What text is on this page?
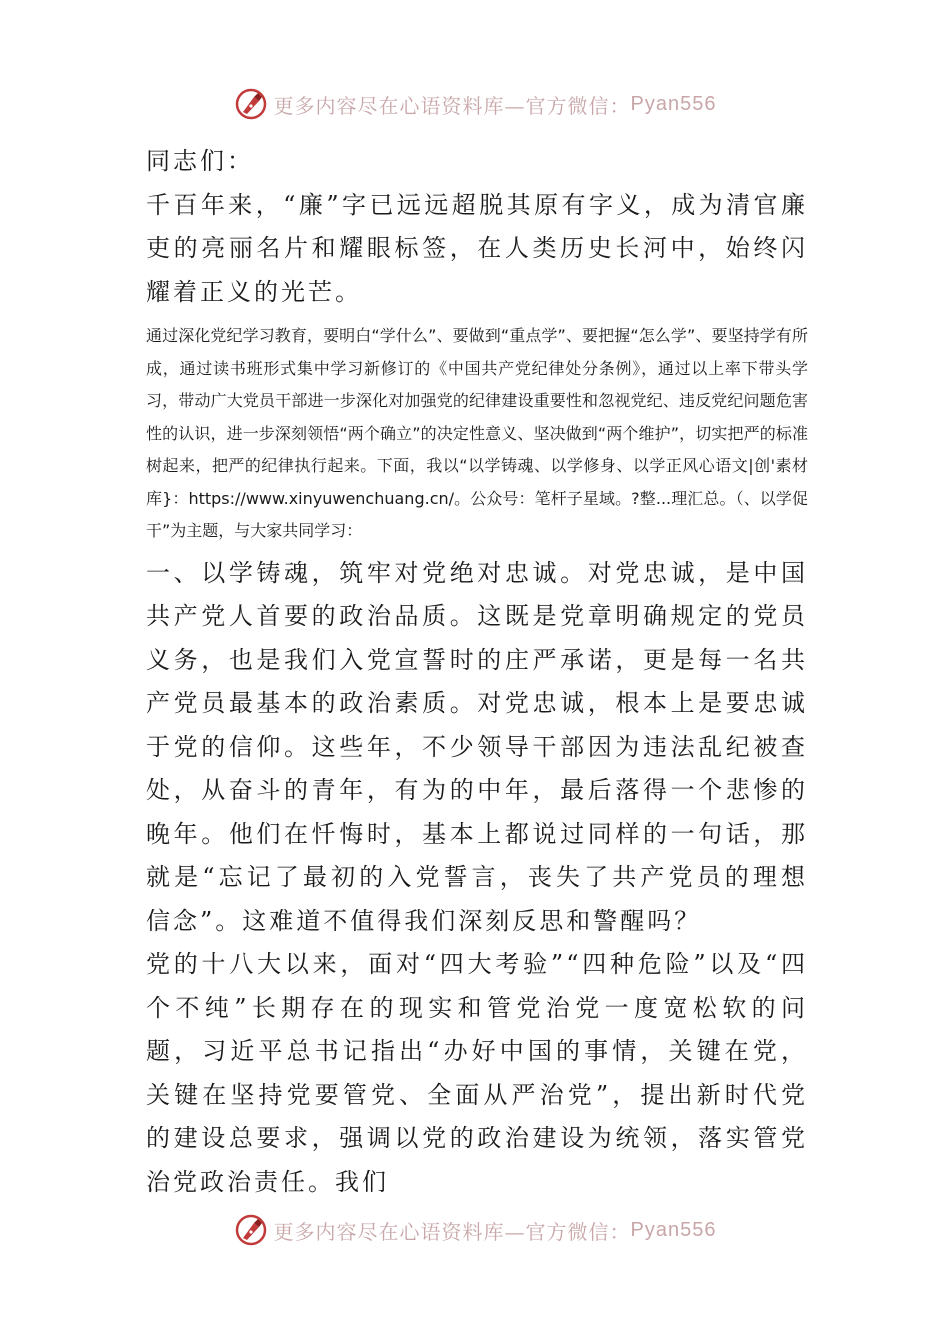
更多内容尽在心语资料库—官方微信： Pyan556

同志们：

千百年来，“廉”字已远远超脱其原有字义，成为清官廉吏的亮丽名片和耀眼标签，在人类历史长河中，始终闪耀着正义的光芒。

通过深化党纪学习教育，要明白“学什么”、要做到“重点学”、要把握“怎么学”、要坚持学有所成，通过读书班形式集中学习新修订的《中国共产党纪律处分条例》，通过以上率下带头学习，带动广大党员干部进一步深化对加强党的纪律建设重要性和忽视党纪、违反党纪问题危害性的认识，进一步深刻领悟“两个确立”的决定性意义、坚决做到“两个维护”，切实把严的标准树起来，把严的纪律执行起来。下面，我以“以学铸魂、以学修身、以学正风心语文|创'素材库}：https://www.xinyuwenchuang.cn/。公众号：笔杆子星域。?整...理汇总。（、以学促干”为主题，与大家共同学习：

一、以学铸魂，筑牢对党绝对忠诚。对党忠诚，是中国共产党人首要的政治品质。这既是党章明确规定的党员义务，也是我们入党宣誓时的庄严承诺，更是每一名共产党员最基本的政治素质。对党忠诚，根本上是要忠诚于党的信仰。这些年，不少领导干部因为违法乱纪被查处，从奋斗的青年，有为的中年，最后落得一个悲惨的晚年。他们在忏悔时，基本上都说过同样的一句话，那就是“忘记了最初的入党誓言，丧失了共产党员的理想信念”。这难道不值得我们深刻反思和警醒吗？

党的十八大以来，面对“四大考验”“四种危险”以及“四个不纯”长期存在的现实和管党治党一度宽松软的问题，习近平总书记指出“办好中国的事情，关键在党，关键在坚持党要管党、全面从严治党”，提出新时代党的建设总要求，强调以党的政治建设为统领，落实管党治党政治责任。我们

更多内容尽在心语资料库—官方微信： Pyan556
